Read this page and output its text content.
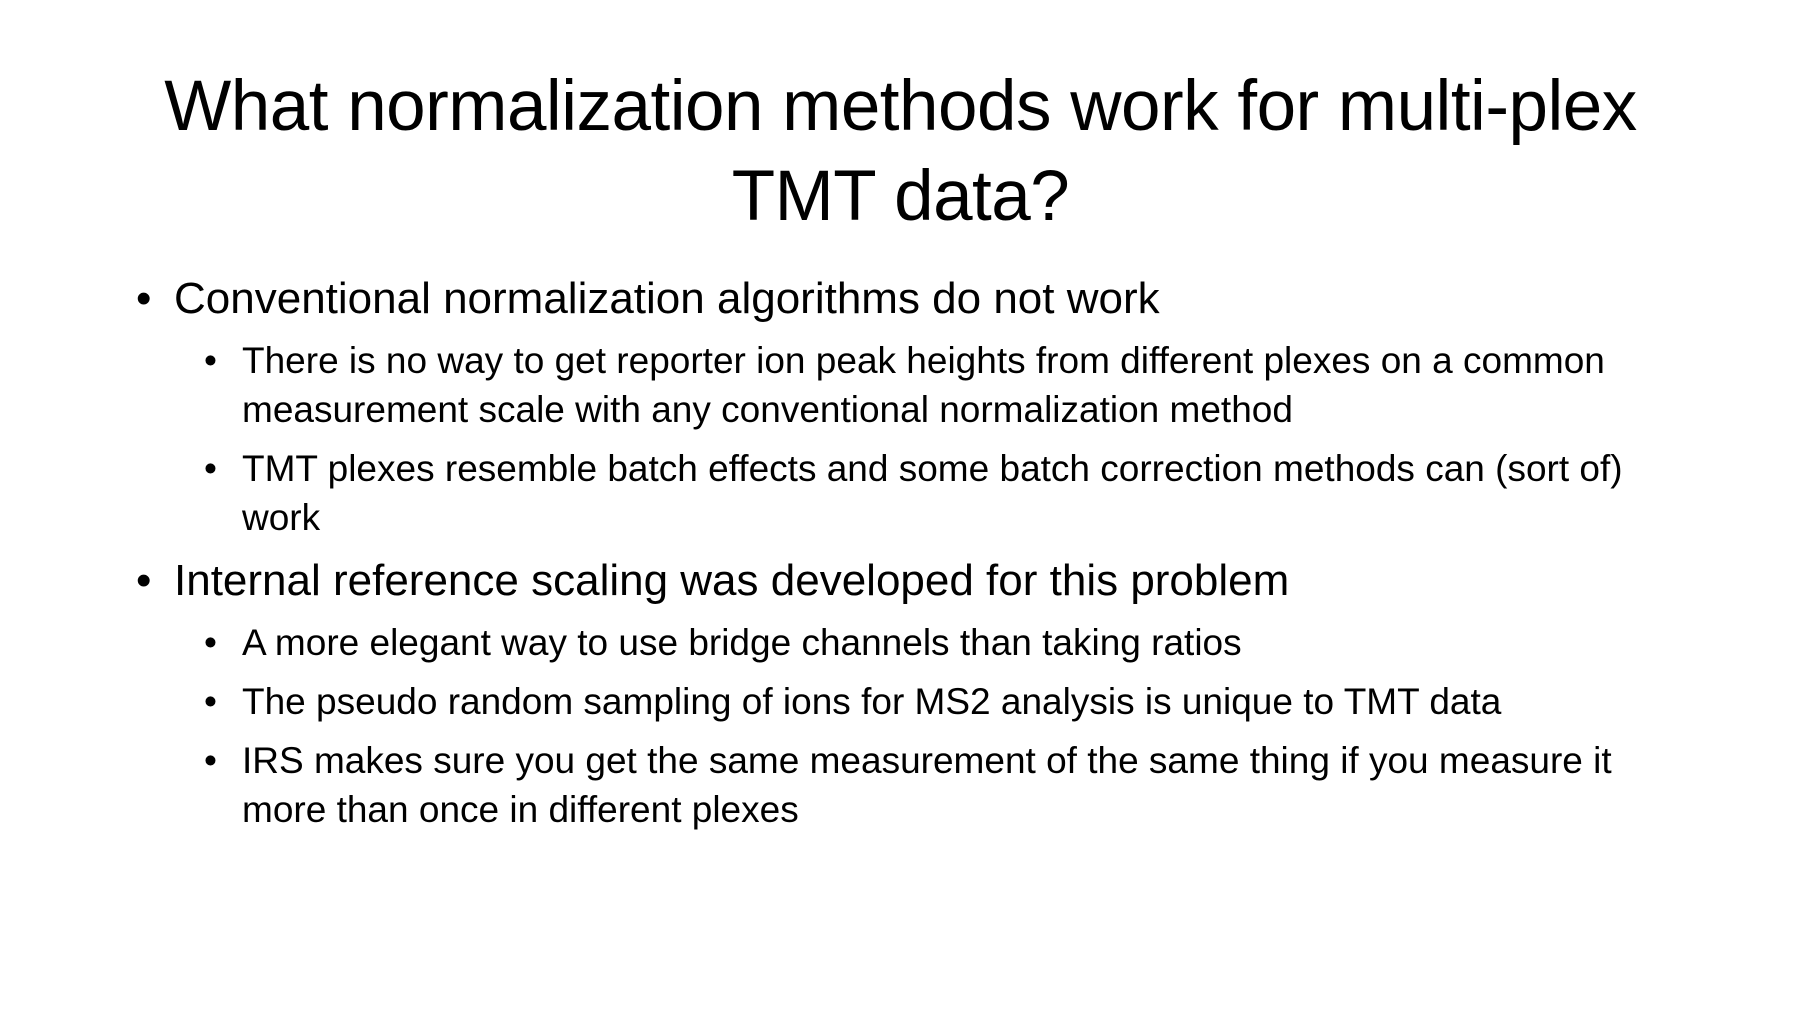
What normalization methods work for multi-plex TMT data?
• Conventional normalization algorithms do not work
• There is no way to get reporter ion peak heights from different plexes on a common measurement scale with any conventional normalization method
• TMT plexes resemble batch effects and some batch correction methods can (sort of) work
• Internal reference scaling was developed for this problem
• A more elegant way to use bridge channels than taking ratios
• The pseudo random sampling of ions for MS2 analysis is unique to TMT data
• IRS makes sure you get the same measurement of the same thing if you measure it more than once in different plexes
